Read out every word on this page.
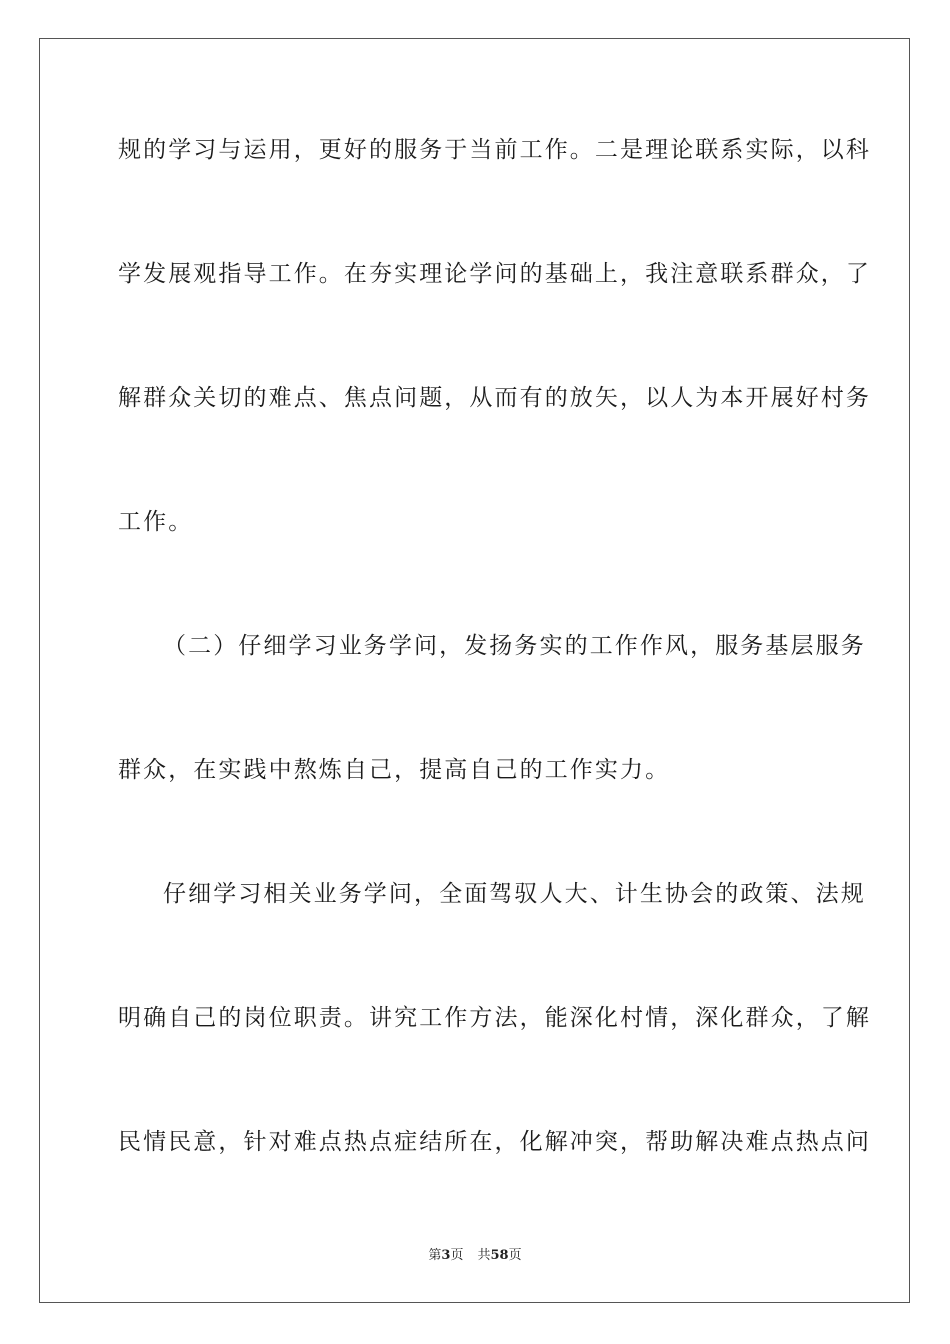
规的学习与运用，更好的服务于当前工作。二是理论联系实际，以科
学发展观指导工作。在夯实理论学问的基础上，我注意联系群众，了
解群众关切的难点、焦点问题，从而有的放矢，以人为本开展好村务
工作。
（二）仔细学习业务学问，发扬务实的工作作风，服务基层服务
群众，在实践中熬炼自己，提高自己的工作实力。
仔细学习相关业务学问，全面驾驭人大、计生协会的政策、法规
明确自己的岗位职责。讲究工作方法，能深化村情，深化群众，了解
民情民意，针对难点热点症结所在，化解冲突，帮助解决难点热点问
第3页 共58页
